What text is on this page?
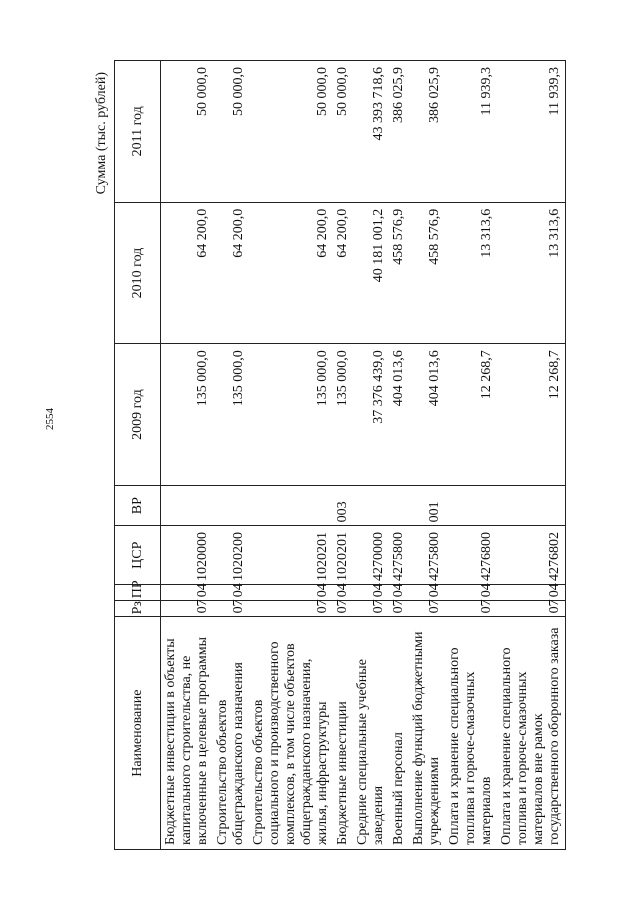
2554
Сумма (тыс. рублей)
Наименование	Рз	ПР	ЦСР	ВР	2009 год	2010 год	2011 год
Бюджетные инвестиции в объекты капитального строительства, не включенные в целевые программы	07	04	1020000		135 000,0	64 200,0	50 000,0
Строительство объектов общегражданского назначения	07	04	1020200		135 000,0	64 200,0	50 000,0
Строительство объектов социального и производственного комплексов, в том числе объектов общегражданского назначения, жилья, инфраструктуры	07	04	1020201		135 000,0	64 200,0	50 000,0
Бюджетные инвестиции	07	04	1020201	003	135 000,0	64 200,0	50 000,0
Средние специальные учебные заведения	07	04	4270000		37 376 439,0	40 181 001,2	43 393 718,6
Военный персонал	07	04	4275800		404 013,6	458 576,9	386 025,9
Выполнение функций бюджетными учреждениями	07	04	4275800	001	404 013,6	458 576,9	386 025,9
Оплата и хранение специального топлива и горюче-смазочных материалов	07	04	4276800		12 268,7	13 313,6	11 939,3
Оплата и хранение специального топлива и горюче-смазочных материалов вне рамок государственного оборонного заказа	07	04	4276802		12 268,7	13 313,6	11 939,3
